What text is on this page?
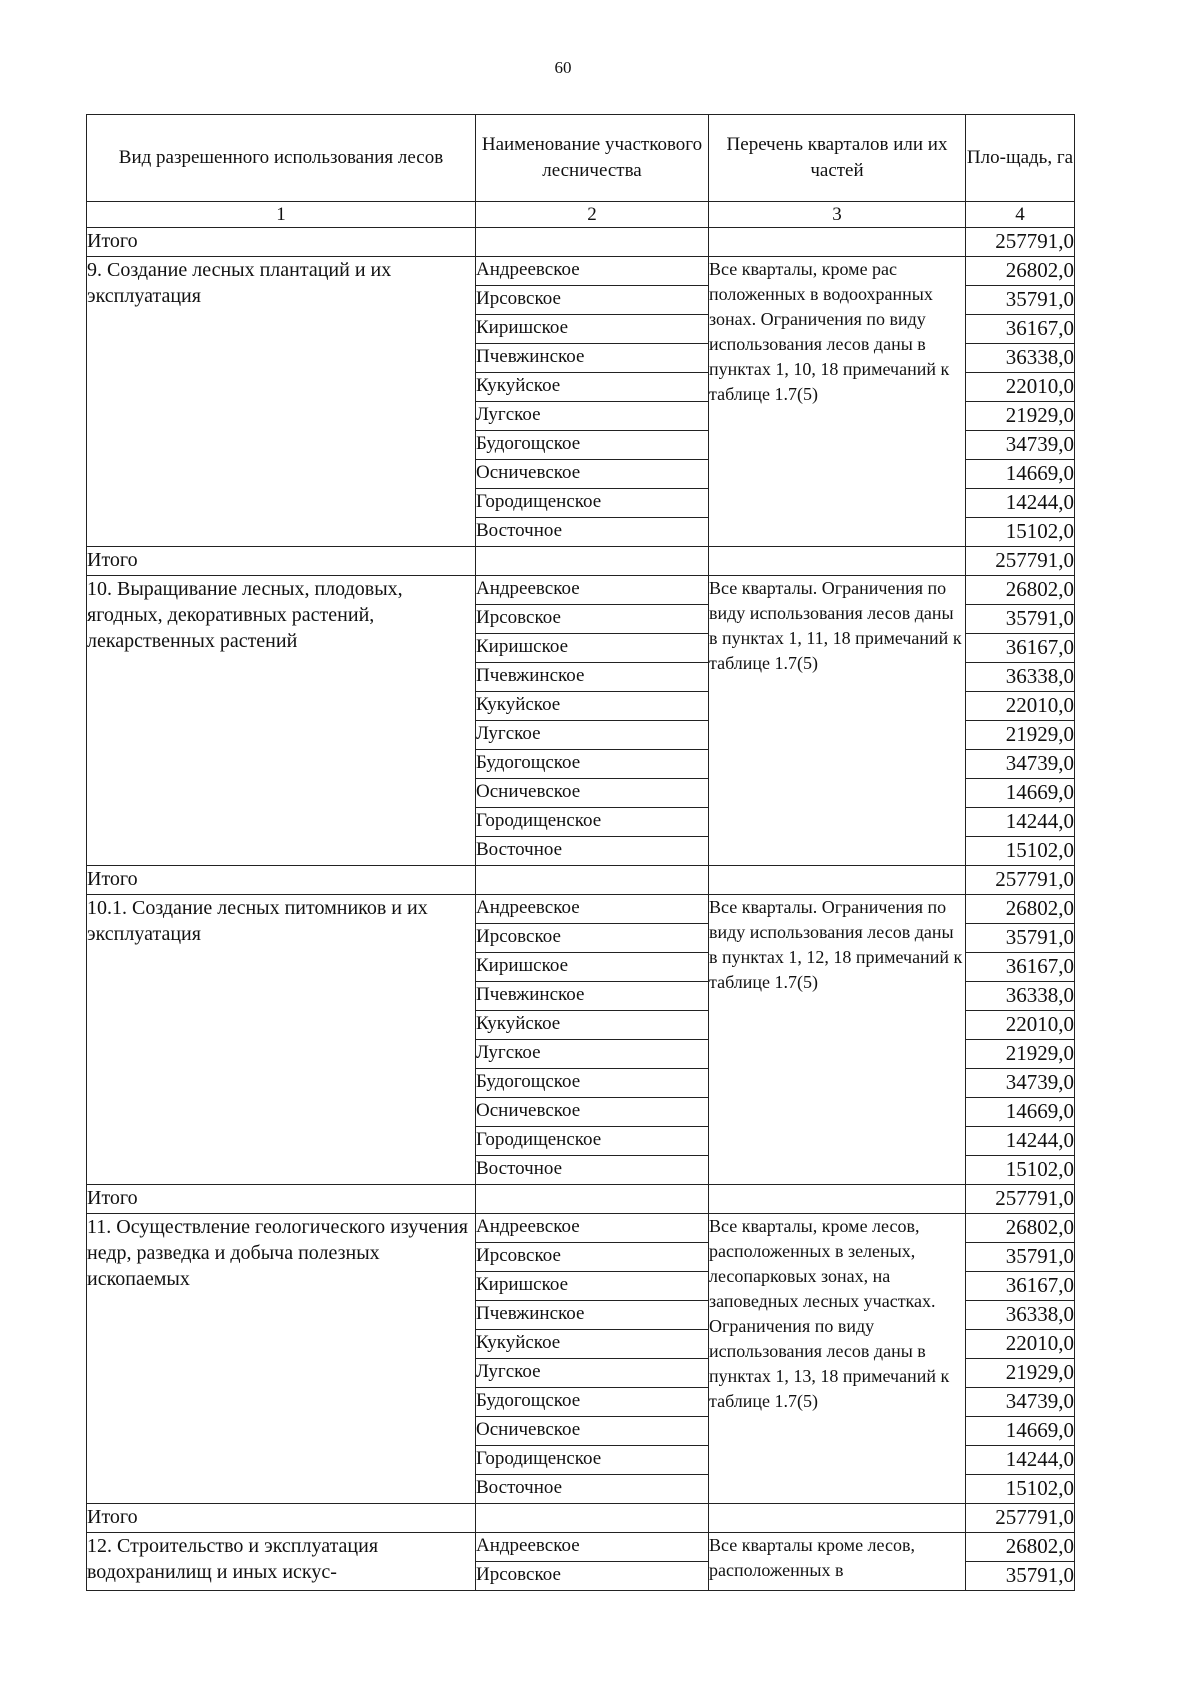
60
Вид разрешенного использования лесов	Наименование участкового лесничества	Перечень кварталов или их частей	Пло-щадь, га
1	2	3	4
Итого			257791,0
9. Создание лесных плантаций и их эксплуатация	Андреевское	Все кварталы, кроме рас положенных в водоохранных зонах. Ограничения по виду использования лесов даны в пунктах 1, 10, 18 примечаний к таблице 1.7(5)	26802,0
	Ирсовское		35791,0
	Киришское		36167,0
	Пчевжинское		36338,0
	Кукуйское		22010,0
	Лугское		21929,0
	Будогощское		34739,0
	Осничевское		14669,0
	Городищенское		14244,0
	Восточное		15102,0
Итого			257791,0
10. Выращивание лесных, плодовых, ягодных, декоративных растений, лекарственных растений	Андреевское	Все кварталы. Ограничения по виду использования лесов даны в пунктах 1, 11, 18 примечаний к таблице 1.7(5)	26802,0
	Ирсовское		35791,0
	Киришское		36167,0
	Пчевжинское		36338,0
	Кукуйское		22010,0
	Лугское		21929,0
	Будогощское		34739,0
	Осничевское		14669,0
	Городищенское		14244,0
	Восточное		15102,0
Итого			257791,0
10.1. Создание лесных питомников и их эксплуатация	Андреевское	Все кварталы. Ограничения по виду использования лесов даны в пунктах 1, 12, 18 примечаний к таблице 1.7(5)	26802,0
	Ирсовское		35791,0
	Киришское		36167,0
	Пчевжинское		36338,0
	Кукуйское		22010,0
	Лугское		21929,0
	Будогощское		34739,0
	Осничевское		14669,0
	Городищенское		14244,0
	Восточное		15102,0
Итого			257791,0
11. Осуществление геологического изучения недр, разведка и добыча полезных ископаемых	Андреевское	Все кварталы, кроме лесов, расположенных в зеленых, лесопарковых зонах, на заповедных лесных участках. Ограничения по виду использования лесов даны в пунктах 1, 13, 18 примечаний к таблице 1.7(5)	26802,0
	Ирсовское		35791,0
	Киришское		36167,0
	Пчевжинское		36338,0
	Кукуйское		22010,0
	Лугское		21929,0
	Будогощское		34739,0
	Осничевское		14669,0
	Городищенское		14244,0
	Восточное		15102,0
Итого			257791,0
12. Строительство и эксплуатация водохранилищ и иных искус-	Андреевское	Все кварталы кроме лесов, расположенных в	26802,0
	Ирсовское		35791,0
